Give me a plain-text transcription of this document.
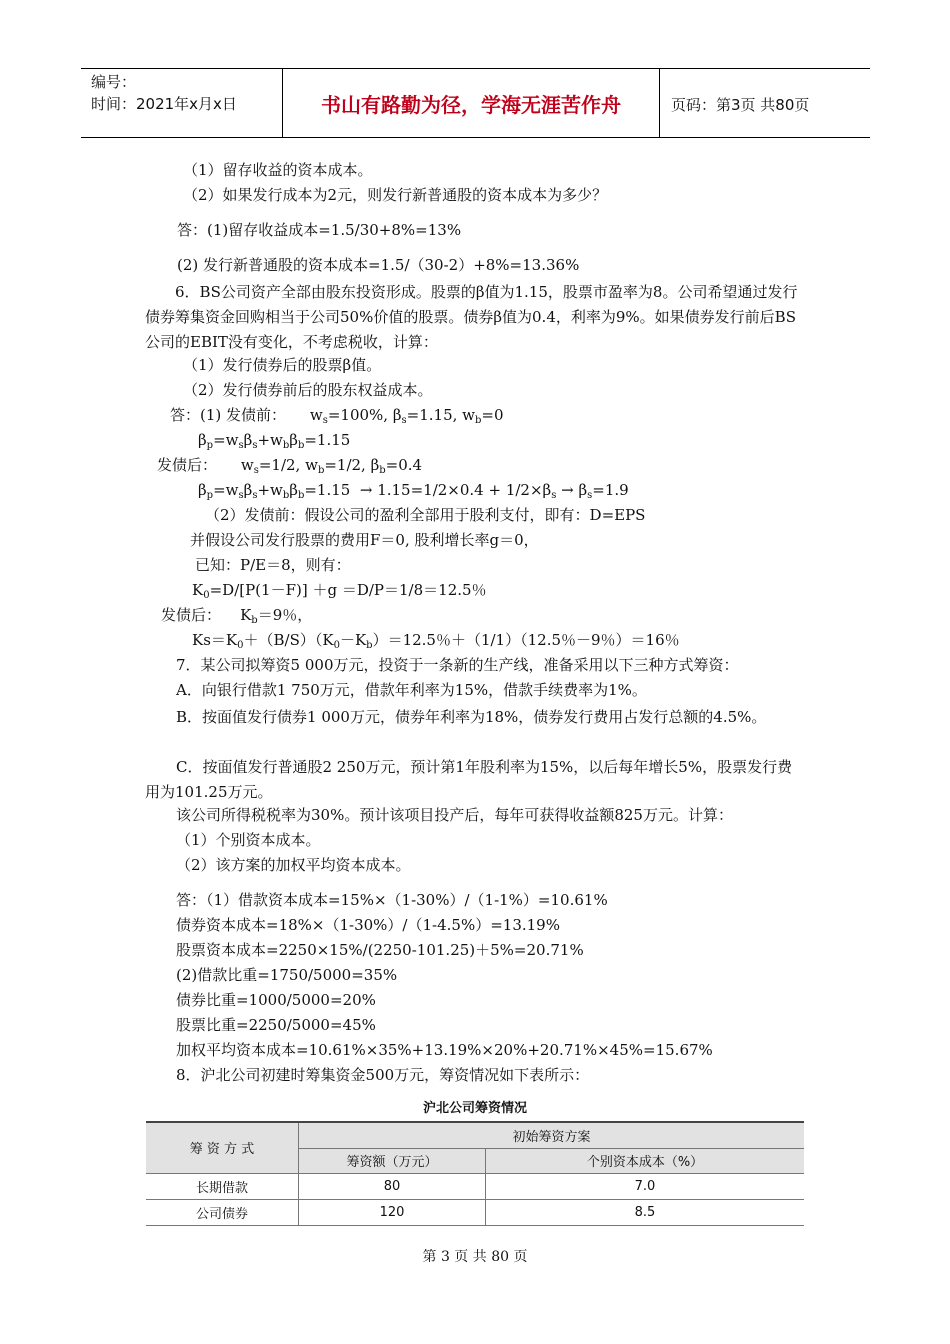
编号：
时间：2021年x月x日	书山有路勤为径，学海无涯苦作舟	页码：第3页 共80页
（1）留存收益的资本成本。
（2）如果发行成本为2元，则发行新普通股的资本成本为多少？
答：(1)留存收益成本=1.5/30+8%=13%
(2) 发行新普通股的资本成本=1.5/（30-2）+8%=13.36%
6．BS公司资产全部由股东投资形成。股票的β值为1.15，股票市盈率为8。公司希望通过发行债券筹集资金回购相当于公司50%价值的股票。债券β值为0.4，利率为9%。如果债券发行前后BS公司的EBIT没有变化，不考虑税收，计算：
（1）发行债券后的股票β值。
（2）发行债券前后的股东权益成本。
答：(1) 发债前：     $w_s=100\%$, $\beta_s=1.15$, $w_b=0$
$\beta_p=w_s\beta_s+w_b\beta_b=1.15$
发债后：     $w_s=1/2$, $w_b=1/2$, $\beta_b=0.4$
$\beta_p=w_s\beta_s+w_b\beta_b=1.15 \to 1.15=1/2\times 0.4 + 1/2\times\beta_s \to \beta_s=1.9$
（2）发债前：假设公司的盈利全部用于股利支付，即有：D=EPS
并假设公司发行股票的费用F＝0, 股利增长率g＝0，
已知：P/E＝8，则有：
$K_0=D/[P(1-F)] +g =D/P=1/8=12.5$％
发债后：    $K_b=9$％，
$Ks=K_0+(B/S)(K_0-K_b)=12.5$％＋（1/1）（12.5％－9％）＝16％
7．某公司拟筹资5 000万元，投资于一条新的生产线，准备采用以下三种方式筹资：
A．向银行借款1 750万元，借款年利率为15%，借款手续费率为1%。
B．按面值发行债券1 000万元，债券年利率为18%，债券发行费用占发行总额的4.5%。
C．按面值发行普通股2 250万元，预计第1年股利率为15%，以后每年增长5%，股票发行费用为101.25万元。
该公司所得税税率为30%。预计该项目投产后，每年可获得收益额825万元。计算：
（1）个别资本成本。
（2）该方案的加权平均资本成本。
答：（1）借款资本成本=15%×（1-30%）/（1-1%）=10.61%
债券资本成本=18%×（1-30%）/（1-4.5%）=13.19%
股票资本成本=2250×15%/(2250-101.25)＋5%=20.71%
(2)借款比重=1750/5000=35%
债券比重=1000/5000=20%
股票比重=2250/5000=45%
加权平均资本成本=10.61%×35%+13.19%×20%+20.71%×45%=15.67%
8．沪北公司初建时筹集资金500万元，筹资情况如下表所示：
沪北公司筹资情况
筹 资 方 式	初始筹资方案	
	筹资额（万元）	个别资本成本（%）
长期借款	80	7.0
公司债券	120	8.5
第 3 页 共 80 页
